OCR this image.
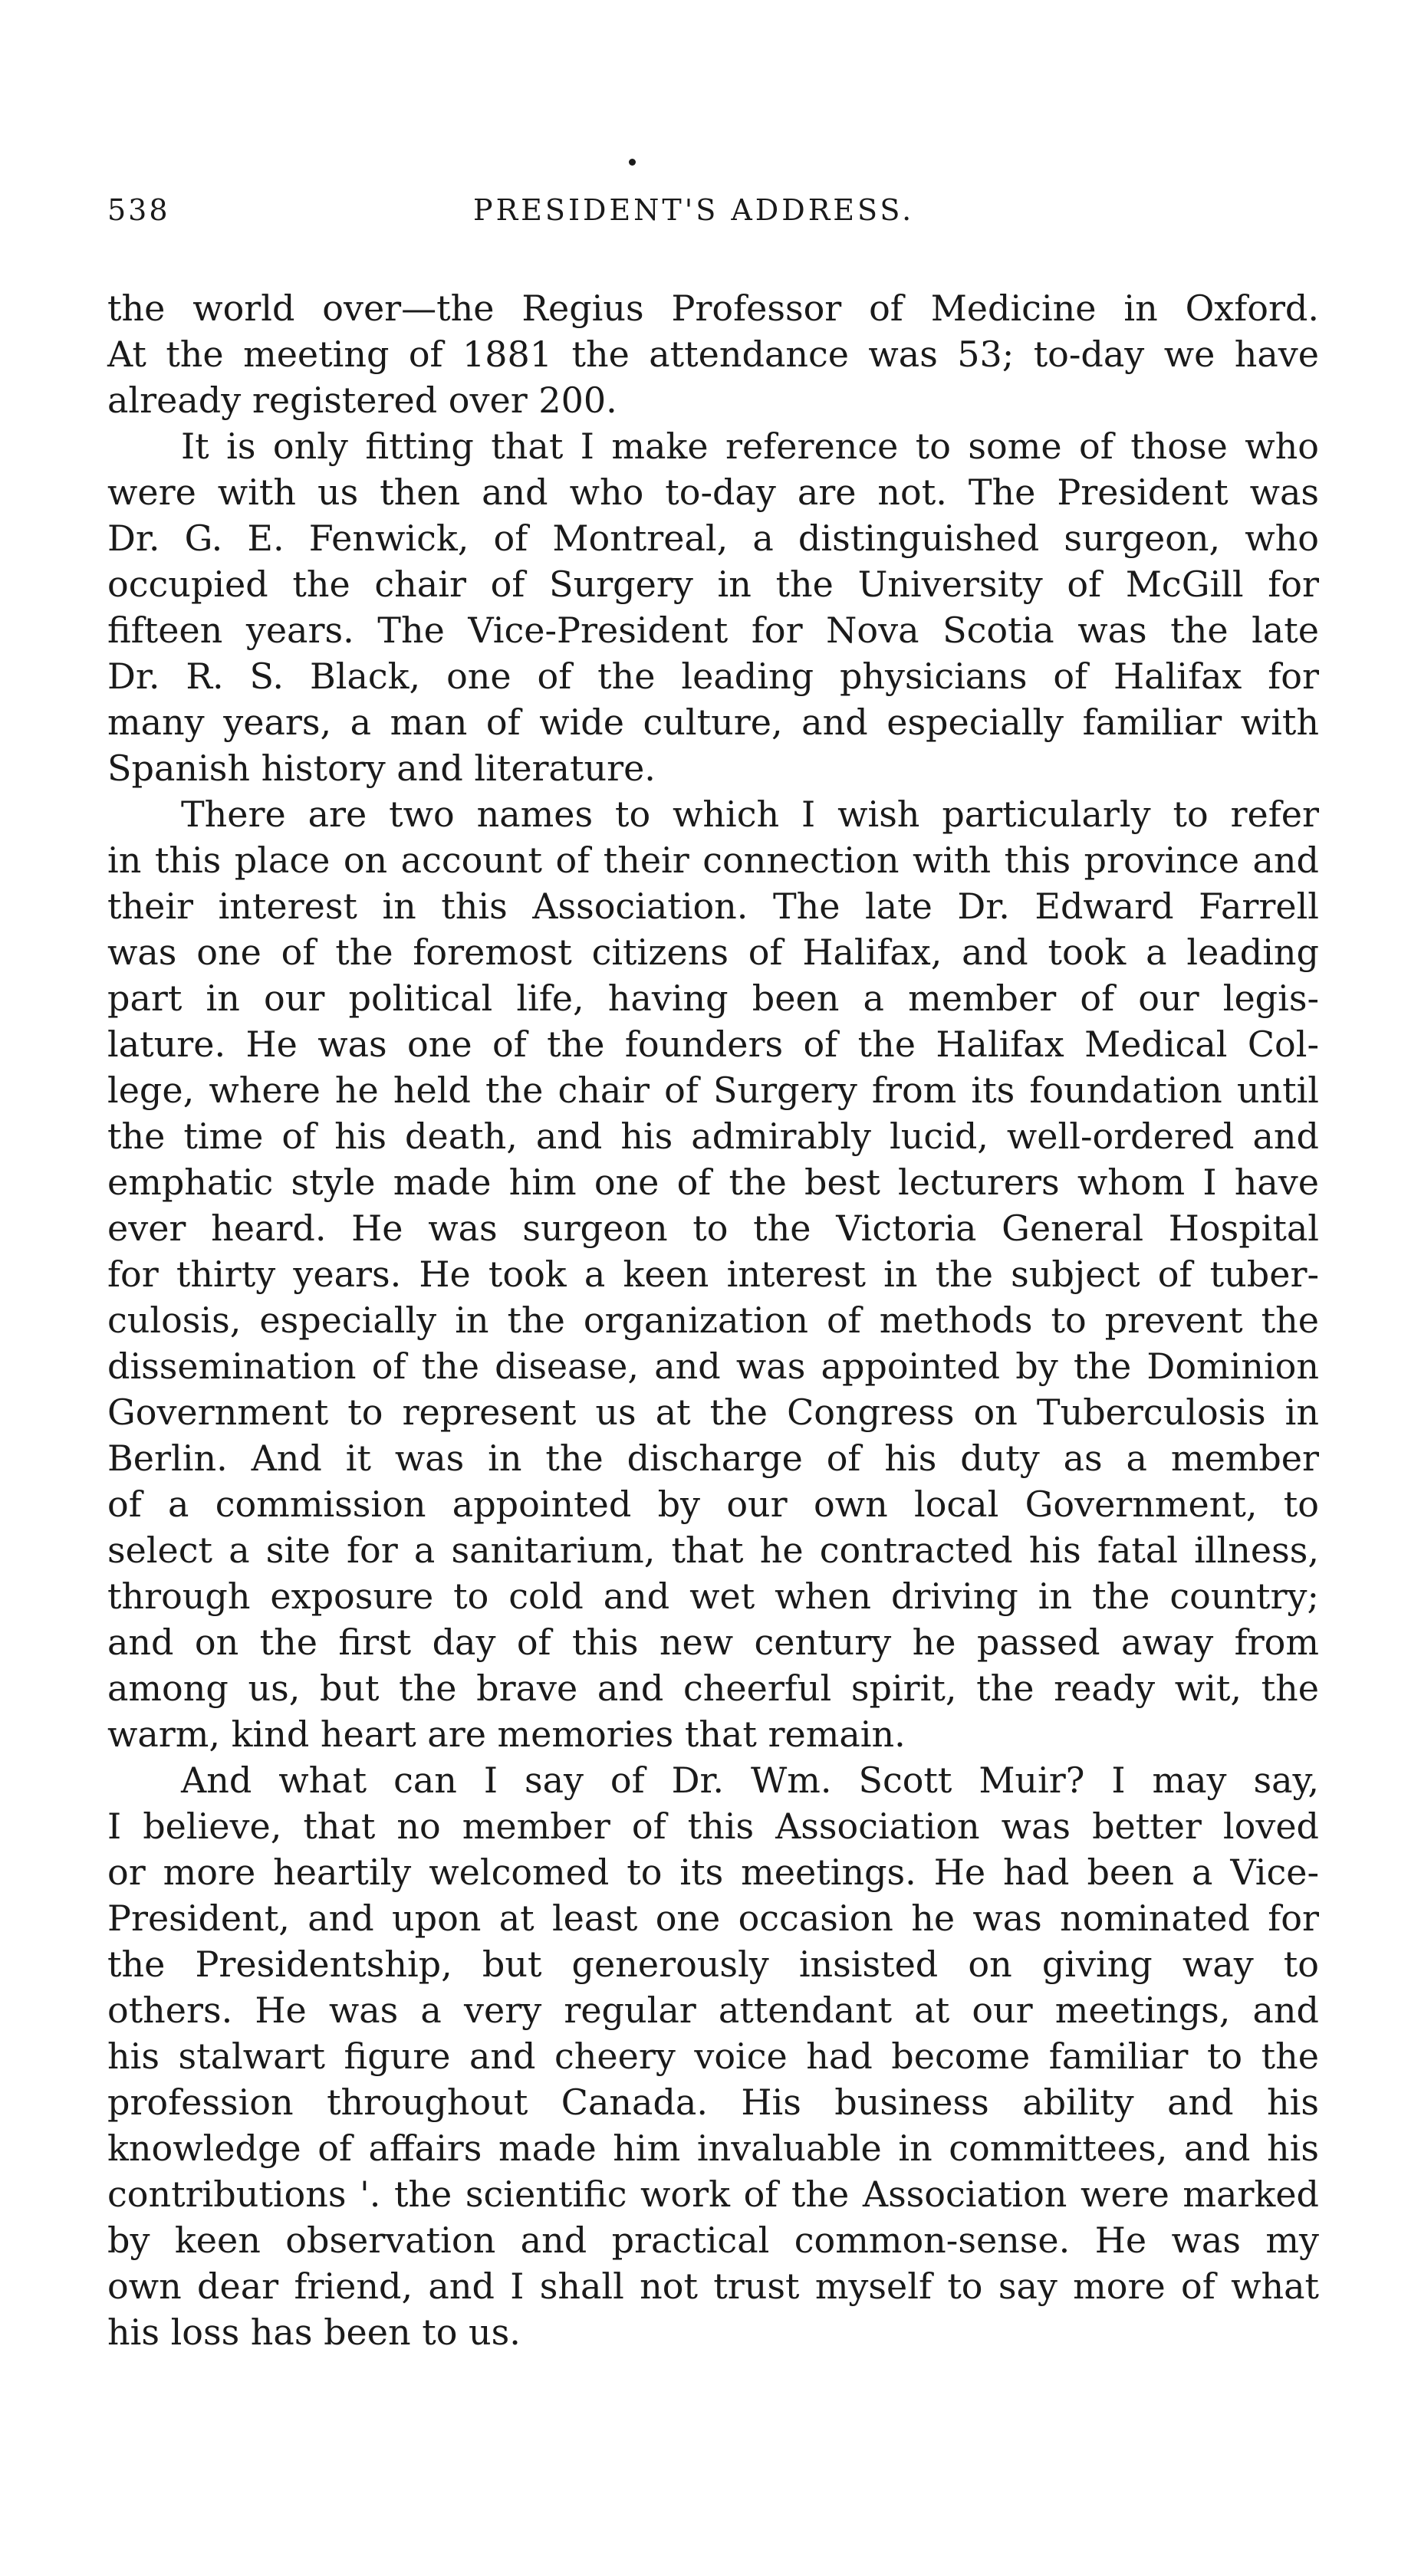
538	PRESIDENT'S ADDRESS.
the world over—the Regius Professor of Medicine in Oxford.
At the meeting of 1881 the attendance was 53; to-day we have
already registered over 200.
It is only fitting that I make reference to some of those who
were with us then and who to-day are not. The President was
Dr. G. E. Fenwick, of Montreal, a distinguished surgeon, who
occupied the chair of Surgery in the University of McGill for
fifteen years. The Vice-President for Nova Scotia was the late
Dr. R. S. Black, one of the leading physicians of Halifax for
many years, a man of wide culture, and especially familiar with
Spanish history and literature.
There are two names to which I wish particularly to refer
in this place on account of their connection with this province and
their interest in this Association. The late Dr. Edward Farrell
was one of the foremost citizens of Halifax, and took a leading
part in our political life, having been a member of our legis-
lature. He was one of the founders of the Halifax Medical Col-
lege, where he held the chair of Surgery from its foundation until
the time of his death, and his admirably lucid, well-ordered and
emphatic style made him one of the best lecturers whom I have
ever heard. He was surgeon to the Victoria General Hospital
for thirty years. He took a keen interest in the subject of tuber-
culosis, especially in the organization of methods to prevent the
dissemination of the disease, and was appointed by the Dominion
Government to represent us at the Congress on Tuberculosis in
Berlin. And it was in the discharge of his duty as a member
of a commission appointed by our own local Government, to
select a site for a sanitarium, that he contracted his fatal illness,
through exposure to cold and wet when driving in the country;
and on the first day of this new century he passed away from
among us, but the brave and cheerful spirit, the ready wit, the
warm, kind heart are memories that remain.
And what can I say of Dr. Wm. Scott Muir? I may say,
I believe, that no member of this Association was better loved
or more heartily welcomed to its meetings. He had been a Vice-
President, and upon at least one occasion he was nominated for
the Presidentship, but generously insisted on giving way to
others. He was a very regular attendant at our meetings, and
his stalwart figure and cheery voice had become familiar to the
profession throughout Canada. His business ability and his
knowledge of affairs made him invaluable in committees, and his
contributions '. the scientific work of the Association were marked
by keen observation and practical common-sense. He was my
own dear friend, and I shall not trust myself to say more of what
his loss has been to us.
